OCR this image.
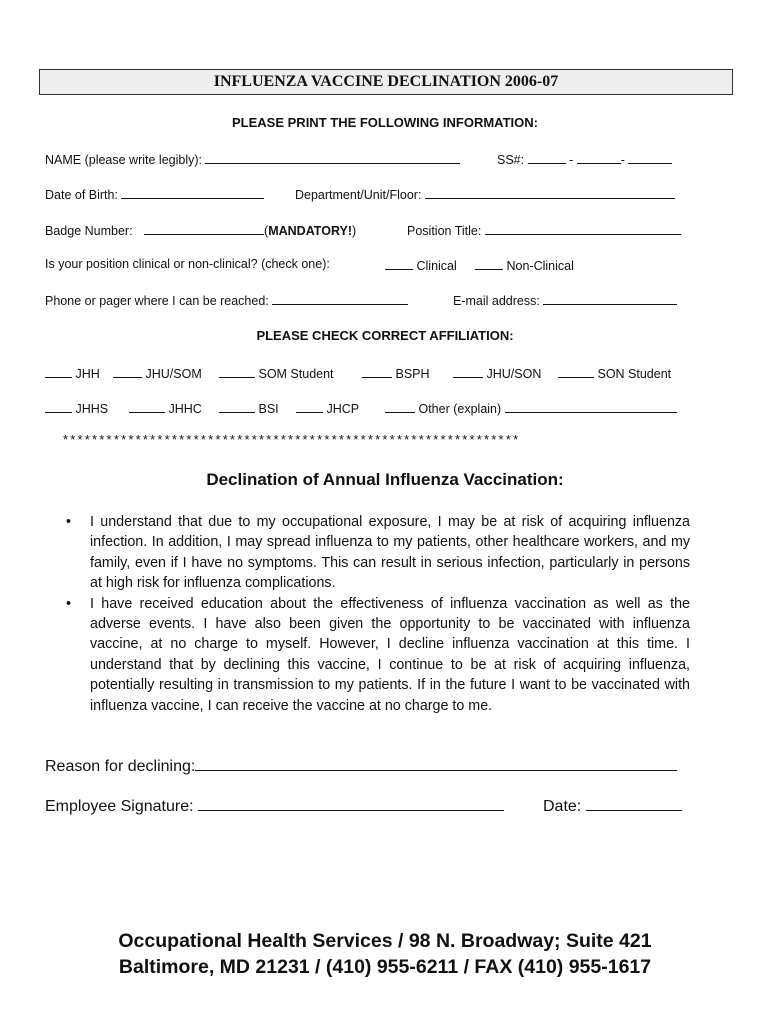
INFLUENZA VACCINE DECLINATION 2006-07
PLEASE PRINT THE FOLLOWING INFORMATION:
NAME (please write legibly):	SS#:	-	-
Date of Birth:	Department/Unit/Floor:
Badge Number:	(MANDATORY!)	Position Title:
Is your position clinical or non-clinical? (check one):	Clinical	Non-Clinical
Phone or pager where I can be reached:	E-mail address:
PLEASE CHECK CORRECT AFFILIATION:
JHH	JHU/SOM	SOM Student	BSPH	JHU/SON	SON Student
JHHS	JHHC	BSI	JHCP	Other (explain)
***************************************************************
Declination of Annual Influenza Vaccination:
• I understand that due to my occupational exposure, I may be at risk of acquiring influenza infection. In addition, I may spread influenza to my patients, other healthcare workers, and my family, even if I have no symptoms. This can result in serious infection, particularly in persons at high risk for influenza complications.
• I have received education about the effectiveness of influenza vaccination as well as the adverse events. I have also been given the opportunity to be vaccinated with influenza vaccine, at no charge to myself. However, I decline influenza vaccination at this time. I understand that by declining this vaccine, I continue to be at risk of acquiring influenza, potentially resulting in transmission to my patients. If in the future I want to be vaccinated with influenza vaccine, I can receive the vaccine at no charge to me.
Reason for declining:
Employee Signature:	Date:
Occupational Health Services / 98 N. Broadway; Suite 421
Baltimore, MD 21231 / (410) 955-6211 / FAX (410) 955-1617
